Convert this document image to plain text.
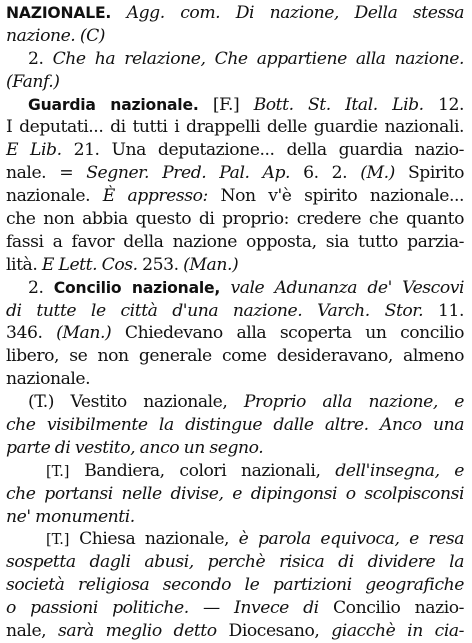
NAZIONALE. Agg. com. Di nazione, Della stessa
nazione. (C)
2. Che ha relazione, Che appartiene alla nazione.
(Fanf.)
Guardia nazionale. [F.] Bott. St. Ital. Lib. 12.
I deputati... di tutti i drappelli delle guardie nazionali.
E Lib. 21. Una deputazione... della guardia nazio-
nale. = Segner. Pred. Pal. Ap. 6. 2. (M.) Spirito
nazionale. È appresso: Non v'è spirito nazionale...
che non abbia questo di proprio: credere che quanto
fassi a favor della nazione opposta, sia tutto parzia-
lità. E Lett. Cos. 253. (Man.)
2. Concilio nazionale, vale Adunanza de' Vescovi
di tutte le città d'una nazione. Varch. Stor. 11.
346. (Man.) Chiedevano alla scoperta un concilio
libero, se non generale come desideravano, almeno
nazionale.
(T.) Vestito nazionale, Proprio alla nazione, e
che visibilmente la distingue dalle altre. Anco una
parte di vestito, anco un segno.
[T.] Bandiera, colori nazionali, dell'insegna, e
che portansi nelle divise, e dipingonsi o scolpisconsi
ne' monumenti.
[T.] Chiesa nazionale, è parola equivoca, e resa
sospetta dagli abusi, perchè risica di dividere la
società religiosa secondo le partizioni geografiche
o passioni politiche. — Invece di Concilio nazio-
nale, sarà meglio detto Diocesano, giacchè in cia-
